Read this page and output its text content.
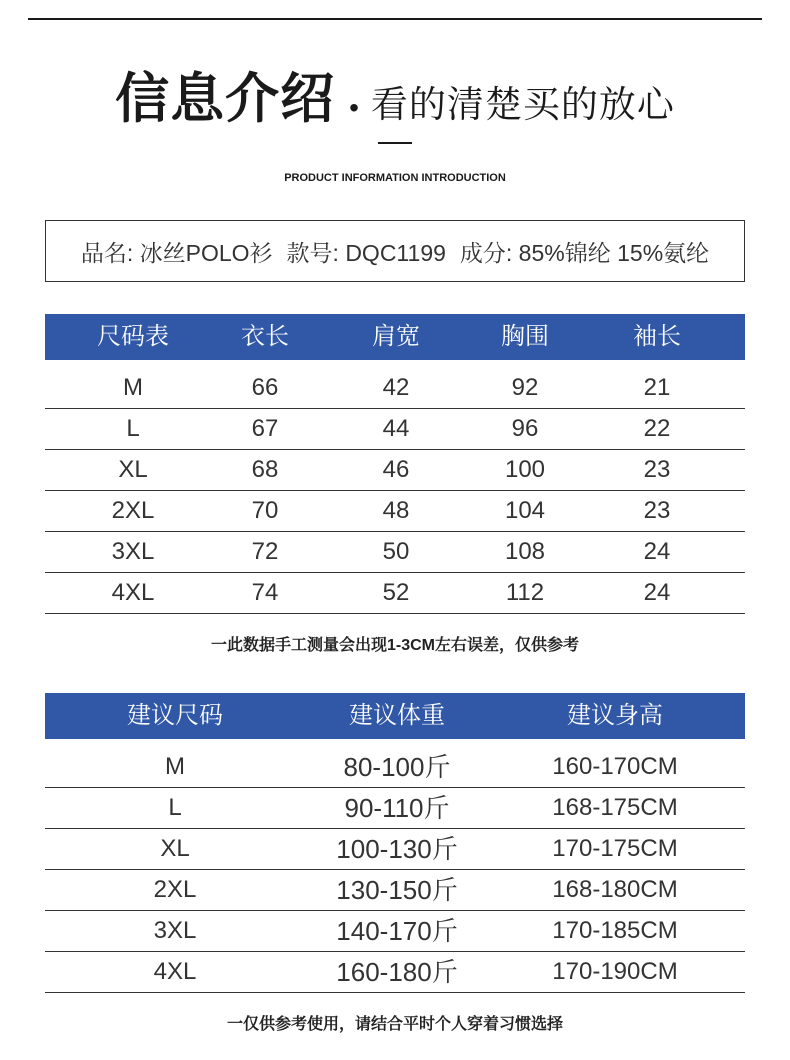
信息介绍 • 看的清楚买的放心
PRODUCT INFORMATION INTRODUCTION
品名: 冰丝POLO衫 款号: DQC1199 成分: 85%锦纶 15%氨纶
尺码表	衣长	肩宽	胸围	袖长
M	66	42	92	21
L	67	44	96	22
XL	68	46	100	23
2XL	70	48	104	23
3XL	72	50	108	24
4XL	74	52	112	24
一此数据手工测量会出现1-3CM左右误差，仅供参考
建议尺码	建议体重	建议身高
M	80-100斤	160-170CM
L	90-110斤	168-175CM
XL	100-130斤	170-175CM
2XL	130-150斤	168-180CM
3XL	140-170斤	170-185CM
4XL	160-180斤	170-190CM
一仅供参考使用，请结合平时个人穿着习惯选择
